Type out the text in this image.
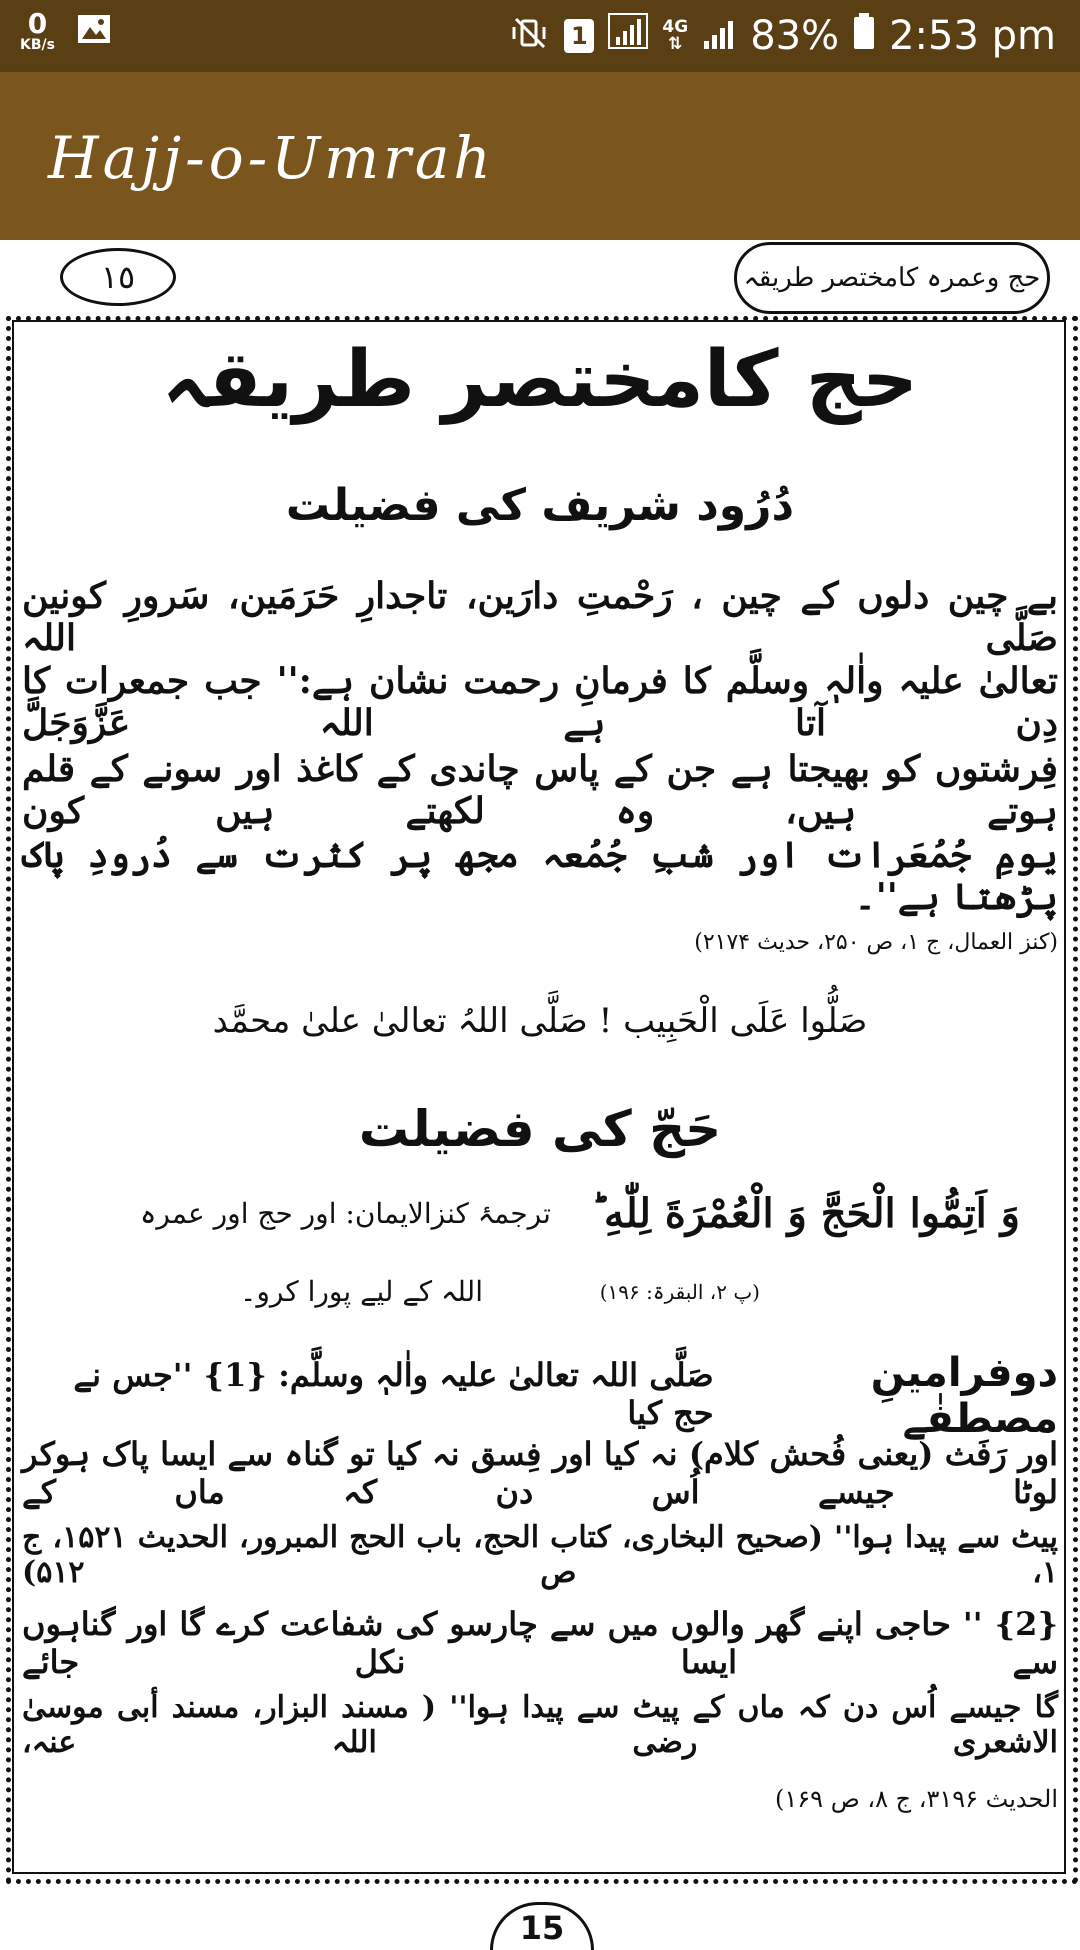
0
KB/s	1	4G
⇅ 83% 2:53 pm
Hajj-o-Umrah
١٥	حج وعمرہ کامختصر طریقہ
حج کامختصر طریقہ
دُرُود شریف کی فضیلت
بے چین دلوں کے چین ، رَحْمتِ دارَین، تاجدارِ حَرَمَین، سَرورِ کونین صَلَّی اللہ
تعالیٰ علیہ واٰلہٖ وسلَّم کا فرمانِ رحمت نشان ہے:'' جب جمعرات کا دِن آتا ہے اللہ عَزَّوَجَلَّ
فِرشتوں کو بھیجتا ہے جن کے پاس چاندی کے کاغذ اور سونے کے قلم ہوتے ہیں، وہ لکھتے ہیں کون
یومِ جُمُعَرات اور شبِ جُمُعہ مجھ پر کثرت سے دُرودِ پاک پڑھتا ہے''۔
(کنز العمال، ج ۱، ص ۲۵۰، حدیث ۲۱۷۴)
صَلُّوا عَلَی الْحَبِیب ! صَلَّی اللہُ تعالیٰ علیٰ محمَّد
حَجّ کی فضیلت
وَ اَتِمُّوا الْحَجَّ وَ الْعُمْرَةَ لِلّٰهِ ؕ
ترجمۂ کنزالایمان: اور حج اور عمرہ
(پ ۲، البقرۃ: ۱۹۶)
اللہ کے لیے پورا کرو۔
دوفرامینِ مصطفٰے
صَلَّی اللہ تعالیٰ علیہ واٰلہٖ وسلَّم: {1} ''جس نے حج کیا
اور رَفَث (یعنی فُحش کلام) نہ کیا اور فِسق نہ کیا تو گناہ سے ایسا پاک ہوکر لوٹا جیسے اُس دن کہ ماں کے
پیٹ سے پیدا ہوا'' (صحیح البخاری، کتاب الحج، باب الحج المبرور، الحدیث ۱۵۲۱، ج ۱، ص ۵۱۲)
{2} '' حاجی اپنے گھر والوں میں سے چارسو کی شفاعت کرے گا اور گناہوں سے ایسا نکل جائے
گا جیسے اُس دن کہ ماں کے پیٹ سے پیدا ہوا'' ( مسند البزار، مسند أبی موسیٰ الاشعری رضی اللہ عنہ،
الحدیث ۳۱۹۶، ج ۸، ص ۱۶۹)
15
